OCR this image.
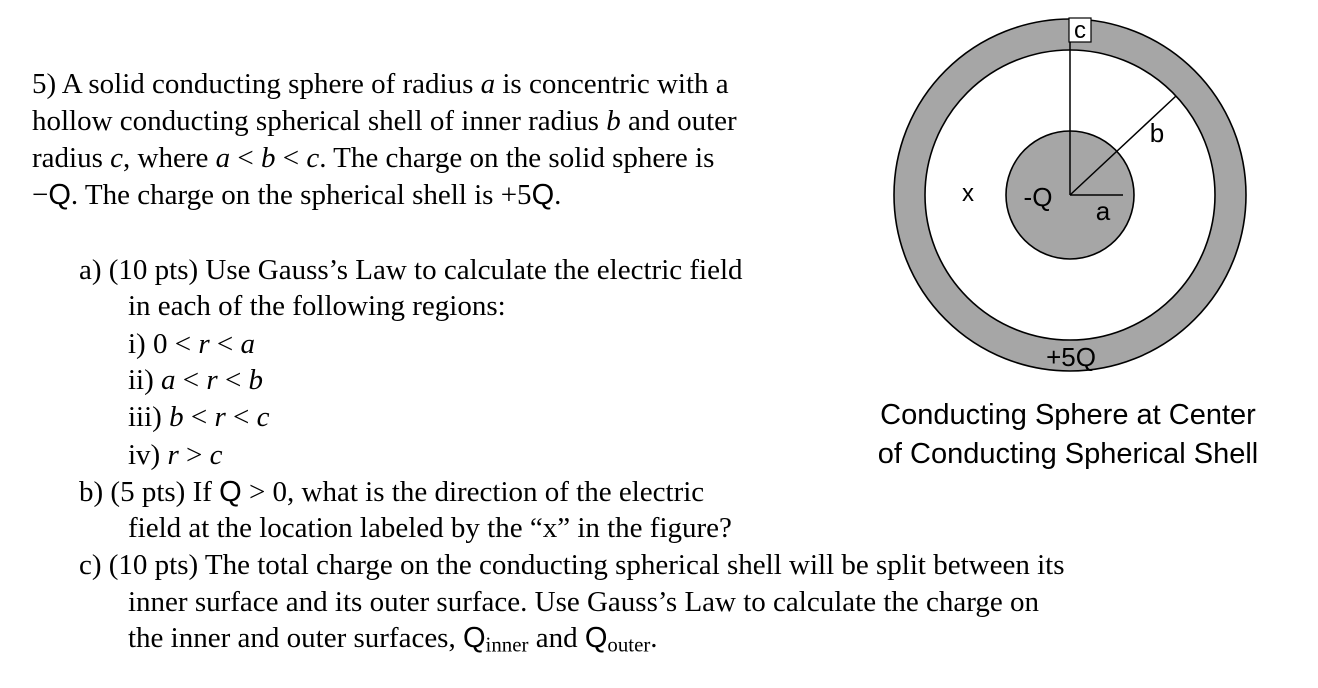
5) A solid conducting sphere of radius a is concentric with a
hollow conducting spherical shell of inner radius b and outer
radius c, where a < b < c. The charge on the solid sphere is
−Q. The charge on the spherical shell is +5Q.
a) (10 pts) Use Gauss’s Law to calculate the electric field
in each of the following regions:
i) 0 < r < a
ii) a < r < b
iii) b < r < c
iv) r > c
b) (5 pts) If Q > 0, what is the direction of the electric
field at the location labeled by the “x” in the figure?
c) (10 pts) The total charge on the conducting spherical shell will be split between its
inner surface and its outer surface. Use Gauss’s Law to calculate the charge on
the inner and outer surfaces, $Q_{inner}$ and $Q_{outer}$.
c
b
a
x -Q
+5Q
Conducting Sphere at Center
of Conducting Spherical Shell
